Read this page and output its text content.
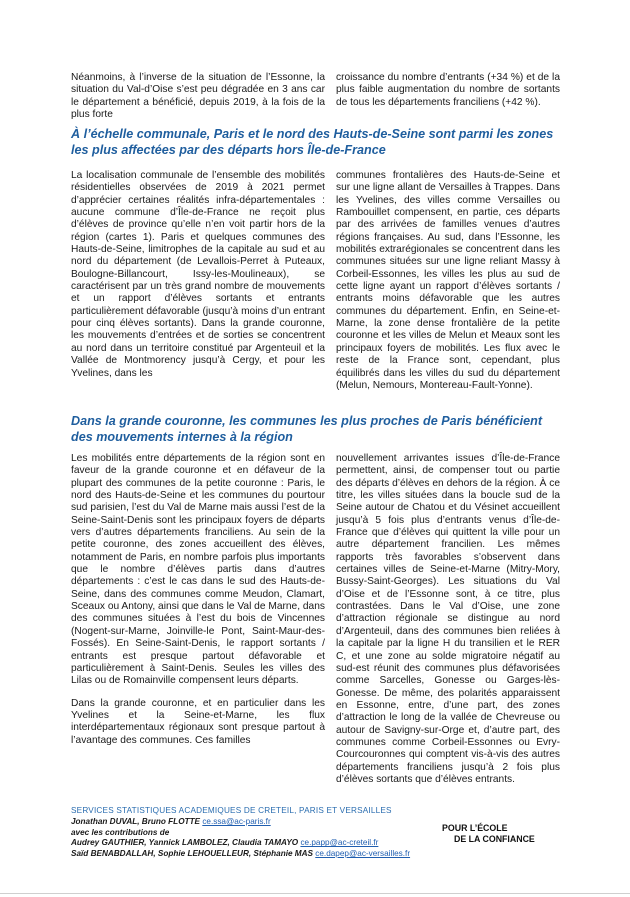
Néanmoins, à l’inverse de la situation de l’Essonne, la situation du Val-d’Oise s’est peu dégradée en 3 ans car le département a bénéficié, depuis 2019, à la fois de la plus forte

croissance du nombre d’entrants (+34 %) et de la plus faible augmentation du nombre de sortants de tous les départements franciliens (+42 %).

À l’échelle communale, Paris et le nord des Hauts-de-Seine sont parmi les zones les plus affectées par des départs hors Île-de-France

La localisation communale de l’ensemble des mobilités résidentielles observées de 2019 à 2021 permet d’apprécier certaines réalités infra-départementales : aucune commune d’Île-de-France ne reçoit plus d’élèves de province qu’elle n’en voit partir hors de la région (cartes 1). Paris et quelques communes des Hauts-de-Seine, limitrophes de la capitale au sud et au nord du département (de Levallois-Perret à Puteaux, Boulogne-Billancourt, Issy-les-Moulineaux), se caractérisent par un très grand nombre de mouvements et un rapport d’élèves sortants et entrants particulièrement défavorable (jusqu’à moins d’un entrant pour cinq élèves sortants). Dans la grande couronne, les mouvements d’entrées et de sorties se concentrent au nord dans un territoire constitué par Argenteuil et la Vallée de Montmorency jusqu’à Cergy, et pour les Yvelines, dans les

communes frontalières des Hauts-de-Seine et sur une ligne allant de Versailles à Trappes. Dans les Yvelines, des villes comme Versailles ou Rambouillet compensent, en partie, ces départs par des arrivées de familles venues d’autres régions françaises. Au sud, dans l’Essonne, les mobilités extrarégionales se concentrent dans les communes situées sur une ligne reliant Massy à Corbeil-Essonnes, les villes les plus au sud de cette ligne ayant un rapport d’élèves sortants / entrants moins défavorable que les autres communes du département. Enfin, en Seine-et-Marne, la zone dense frontalière de la petite couronne et les villes de Melun et Meaux sont les principaux foyers de mobilités. Les flux avec le reste de la France sont, cependant, plus équilibrés dans les villes du sud du département (Melun, Nemours, Montereau-Fault-Yonne).

Dans la grande couronne, les communes les plus proches de Paris bénéficient des mouvements internes à la région

Les mobilités entre départements de la région sont en faveur de la grande couronne et en défaveur de la plupart des communes de la petite couronne : Paris, le nord des Hauts-de-Seine et les communes du pourtour sud parisien, l’est du Val de Marne mais aussi l’est de la Seine-Saint-Denis sont les principaux foyers de départs vers d’autres départements franciliens. Au sein de la petite couronne, des zones accueillent des élèves, notamment de Paris, en nombre parfois plus importants que le nombre d’élèves partis dans d’autres départements : c’est le cas dans le sud des Hauts-de-Seine, dans des communes comme Meudon, Clamart, Sceaux ou Antony, ainsi que dans le Val de Marne, dans des communes situées à l’est du bois de Vincennes (Nogent-sur-Marne, Joinville-le Pont, Saint-Maur-des-Fossés). En Seine-Saint-Denis, le rapport sortants / entrants est presque partout défavorable et particulièrement à Saint-Denis. Seules les villes des Lilas ou de Romainville compensent leurs départs.

Dans la grande couronne, et en particulier dans les Yvelines et la Seine-et-Marne, les flux interdépartementaux régionaux sont presque partout à l’avantage des communes. Ces familles

nouvellement arrivantes issues d’Île-de-France permettent, ainsi, de compenser tout ou partie des départs d’élèves en dehors de la région. À ce titre, les villes situées dans la boucle sud de la Seine autour de Chatou et du Vésinet accueillent jusqu’à 5 fois plus d’entrants venus d’Île-de-France que d’élèves qui quittent la ville pour un autre département francilien. Les mêmes rapports très favorables s’observent dans certaines villes de Seine-et-Marne (Mitry-Mory, Bussy-Saint-Georges). Les situations du Val d’Oise et de l’Essonne sont, à ce titre, plus contrastées. Dans le Val d’Oise, une zone d’attraction régionale se distingue au nord d’Argenteuil, dans des communes bien reliées à la capitale par la ligne H du transilien et le RER C, et une zone au solde migratoire négatif au sud-est réunit des communes plus défavorisées comme Sarcelles, Gonesse ou Garges-lès-Gonesse. De même, des polarités apparaissent en Essonne, entre, d’une part, des zones d’attraction le long de la vallée de Chevreuse ou autour de Savigny-sur-Orge et, d’autre part, des communes comme Corbeil-Essonnes ou Evry-Courcouronnes qui comptent vis-à-vis des autres départements franciliens jusqu’à 2 fois plus d’élèves sortants que d’élèves entrants.

SERVICES STATISTIQUES ACADEMIQUES DE CRETEIL, PARIS ET VERSAILLES
Jonathan DUVAL, Bruno FLOTTE ce.ssa@ac-paris.fr
avec les contributions de
Audrey GAUTHIER, Yannick LAMBOLEZ, Claudia TAMAYO ce.papp@ac-creteil.fr
Saïd BENABDALLAH, Sophie LEHOUELLEUR, Stéphanie MAS ce.dapep@ac-versailles.fr
POUR L’ÉCOLE
DE LA CONFIANCE
